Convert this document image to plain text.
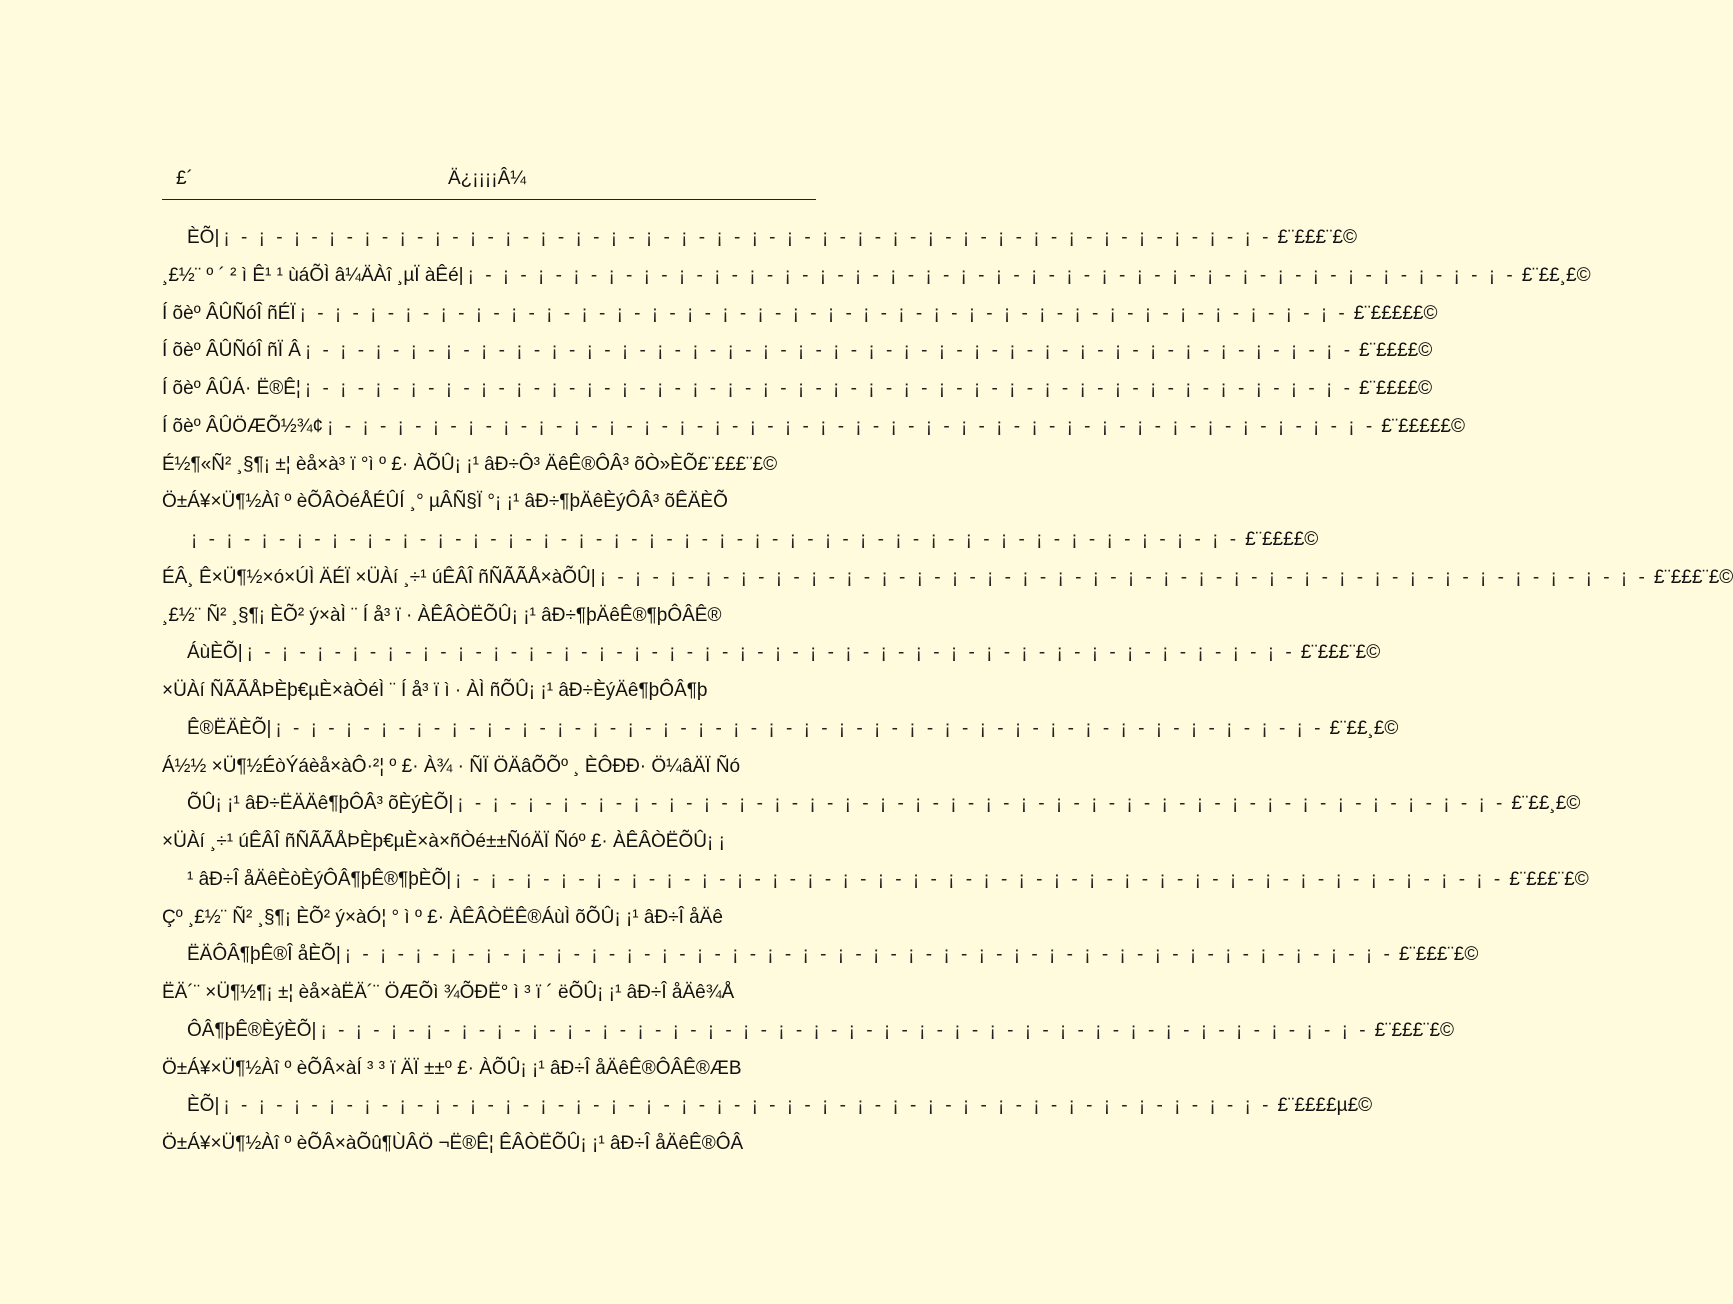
£´	Ä¿¡¡¡¡Â¼
ÈÕ| ¡ - ¡ - ¡ - ¡ - ¡ - ¡ - ¡ - ¡ - ¡ - ¡ - ¡ - ¡ - ¡ - ¡ - ¡ - ¡ - ¡ - ¡ - ¡ - ¡ - ¡ - ¡ - ¡ - ¡ - ¡ - ¡ - ¡ - ¡ - ¡ - ¡ - £¨£££¨£©
¸£½¨ º ´ ² ì Ê¹ ¹ ùáÕÌ â¼ÄÀî ¸µÏ àÊé| ¡ - ¡ - ¡ - ¡ - ¡ - ¡ - ¡ - ¡ - ¡ - ¡ - ¡ - ¡ - ¡ - ¡ - ¡ - ¡ - ¡ - ¡ - ¡ - ¡ - ¡ - ¡ - ¡ - ¡ - ¡ - ¡ - ¡ - ¡ - ¡ - ¡ - £¨££¸£©
Í õèº ÂÛÑóÎ ñÉÏ ¡ - ¡ - ¡ - ¡ - ¡ - ¡ - ¡ - ¡ - ¡ - ¡ - ¡ - ¡ - ¡ - ¡ - ¡ - ¡ - ¡ - ¡ - ¡ - ¡ - ¡ - ¡ - ¡ - ¡ - ¡ - ¡ - ¡ - ¡ - ¡ - ¡ - £¨£££££©
Í õèº ÂÛÑóÎ ñÏ Â ¡ - ¡ - ¡ - ¡ - ¡ - ¡ - ¡ - ¡ - ¡ - ¡ - ¡ - ¡ - ¡ - ¡ - ¡ - ¡ - ¡ - ¡ - ¡ - ¡ - ¡ - ¡ - ¡ - ¡ - ¡ - ¡ - ¡ - ¡ - ¡ - ¡ - £¨££££©
Í õèº ÂÛÁ· Ë®Ê¦ ¡ - ¡ - ¡ - ¡ - ¡ - ¡ - ¡ - ¡ - ¡ - ¡ - ¡ - ¡ - ¡ - ¡ - ¡ - ¡ - ¡ - ¡ - ¡ - ¡ - ¡ - ¡ - ¡ - ¡ - ¡ - ¡ - ¡ - ¡ - ¡ - ¡ - £¨££££©
Í õèº ÂÛÖÆÕ½¾¢ ¡ - ¡ - ¡ - ¡ - ¡ - ¡ - ¡ - ¡ - ¡ - ¡ - ¡ - ¡ - ¡ - ¡ - ¡ - ¡ - ¡ - ¡ - ¡ - ¡ - ¡ - ¡ - ¡ - ¡ - ¡ - ¡ - ¡ - ¡ - ¡ - ¡ - £¨£££££©
É½¶«Ñ² ¸§¶¡ ±¦ èå×à³ ï °ì º £· ÀÕÛ¡ ¡¹ âÐ÷Ô³ ÄêÊ®ÔÂ³ õÒ»ÈÕ£¨£££¨£©
Ö±Á¥×Ü¶½Àî º èÕÂÒéÅÉÛÍ ¸° µÂÑ§Ï °¡ ¡¹ âÐ÷¶þÄêÈýÔÂ³ õÊÄÈÕ
¡ - ¡ - ¡ - ¡ - ¡ - ¡ - ¡ - ¡ - ¡ - ¡ - ¡ - ¡ - ¡ - ¡ - ¡ - ¡ - ¡ - ¡ - ¡ - ¡ - ¡ - ¡ - ¡ - ¡ - ¡ - ¡ - ¡ - ¡ - ¡ - ¡ - £¨££££©
ÉÂ¸ Ê×Ü¶½×ó×ÚÌ ÄÉÏ ×ÜÀí ¸÷¹ úÊÂÎ ñÑÃÃÅ×àÕÛ| ¡ - ¡ - ¡ - ¡ - ¡ - ¡ - ¡ - ¡ - ¡ - ¡ - ¡ - ¡ - ¡ - ¡ - ¡ - ¡ - ¡ - ¡ - ¡ - ¡ - ¡ - ¡ - ¡ - ¡ - ¡ - ¡ - ¡ - ¡ - ¡ - ¡ - £¨£££¨£©
¸£½¨ Ñ² ¸§¶¡ ÈÕ² ý×àÌ ¨ Í å³ ï · ÀÊÂÒËÕÛ¡ ¡¹ âÐ÷¶þÄêÊ®¶þÔÂÊ®
ÁùÈÕ| ¡ - ¡ - ¡ - ¡ - ¡ - ¡ - ¡ - ¡ - ¡ - ¡ - ¡ - ¡ - ¡ - ¡ - ¡ - ¡ - ¡ - ¡ - ¡ - ¡ - ¡ - ¡ - ¡ - ¡ - ¡ - ¡ - ¡ - ¡ - ¡ - ¡ - £¨£££¨£©
×ÜÀí ÑÃÃÅÞÈþ€µÈ×àÒéÌ ¨ Í å³ ï ì · ÀÌ ñÕÛ¡ ¡¹ âÐ÷ÈýÄê¶þÔÂ¶þ
Ê®ËÄÈÕ| ¡ - ¡ - ¡ - ¡ - ¡ - ¡ - ¡ - ¡ - ¡ - ¡ - ¡ - ¡ - ¡ - ¡ - ¡ - ¡ - ¡ - ¡ - ¡ - ¡ - ¡ - ¡ - ¡ - ¡ - ¡ - ¡ - ¡ - ¡ - ¡ - ¡ - £¨££¸£©
Á½½ ×Ü¶½ÉòÝáèå×àÔ·²¦ º £· À¾ · ÑÏ ÖÄâÕÕº ¸ ÈÔÐÐ· Ö¼âÄÏ Ñó
ÕÛ¡ ¡¹ âÐ÷ËÄÄê¶þÔÂ³ õÈýÈÕ| ¡ - ¡ - ¡ - ¡ - ¡ - ¡ - ¡ - ¡ - ¡ - ¡ - ¡ - ¡ - ¡ - ¡ - ¡ - ¡ - ¡ - ¡ - ¡ - ¡ - ¡ - ¡ - ¡ - ¡ - ¡ - ¡ - ¡ - ¡ - ¡ - ¡ - £¨££¸£©
×ÜÀí ¸÷¹ úÊÂÎ ñÑÃÃÅÞÈþ€µÈ×à×ñÒé±±ÑóÄÏ Ñóº £· ÀÊÂÒËÕÛ¡ ¡
¹ âÐ÷Î åÄêÈòÈýÔÂ¶þÊ®¶þÈÕ| ¡ - ¡ - ¡ - ¡ - ¡ - ¡ - ¡ - ¡ - ¡ - ¡ - ¡ - ¡ - ¡ - ¡ - ¡ - ¡ - ¡ - ¡ - ¡ - ¡ - ¡ - ¡ - ¡ - ¡ - ¡ - ¡ - ¡ - ¡ - ¡ - ¡ - £¨£££¨£©
Çº ¸£½¨ Ñ² ¸§¶¡ ÈÕ² ý×àÓ¦ ° ì º £· ÀÊÂÒËÊ®ÁùÌ õÕÛ¡ ¡¹ âÐ÷Î åÄê
ËÄÔÂ¶þÊ®Î åÈÕ| ¡ - ¡ - ¡ - ¡ - ¡ - ¡ - ¡ - ¡ - ¡ - ¡ - ¡ - ¡ - ¡ - ¡ - ¡ - ¡ - ¡ - ¡ - ¡ - ¡ - ¡ - ¡ - ¡ - ¡ - ¡ - ¡ - ¡ - ¡ - ¡ - ¡ - £¨£££¨£©
ËÄ´¨ ×Ü¶½¶¡ ±¦ èå×àËÄ´¨ ÖÆÕì ¾ÕÐË° ì ³ ï ´ ëÕÛ¡ ¡¹ âÐ÷Î åÄê¾Å
ÔÂ¶þÊ®ÈýÈÕ| ¡ - ¡ - ¡ - ¡ - ¡ - ¡ - ¡ - ¡ - ¡ - ¡ - ¡ - ¡ - ¡ - ¡ - ¡ - ¡ - ¡ - ¡ - ¡ - ¡ - ¡ - ¡ - ¡ - ¡ - ¡ - ¡ - ¡ - ¡ - ¡ - ¡ - £¨£££¨£©
Ö±Á¥×Ü¶½Àî º èÕÂ×àÍ ³ ³ ï ÄÏ ±±º £· ÀÕÛ¡ ¡¹ âÐ÷Î åÄêÊ®ÔÂÊ®ÆB
ÈÕ| ¡ - ¡ - ¡ - ¡ - ¡ - ¡ - ¡ - ¡ - ¡ - ¡ - ¡ - ¡ - ¡ - ¡ - ¡ - ¡ - ¡ - ¡ - ¡ - ¡ - ¡ - ¡ - ¡ - ¡ - ¡ - ¡ - ¡ - ¡ - ¡ - ¡ - £¨££££µ£©
Ö±Á¥×Ü¶½Àî º èÕÂ×àÕû¶ÙÂÖ ¬Ë®Ê¦ ÊÂÒËÕÛ¡ ¡¹ âÐ÷Î åÄêÊ®ÔÂ
